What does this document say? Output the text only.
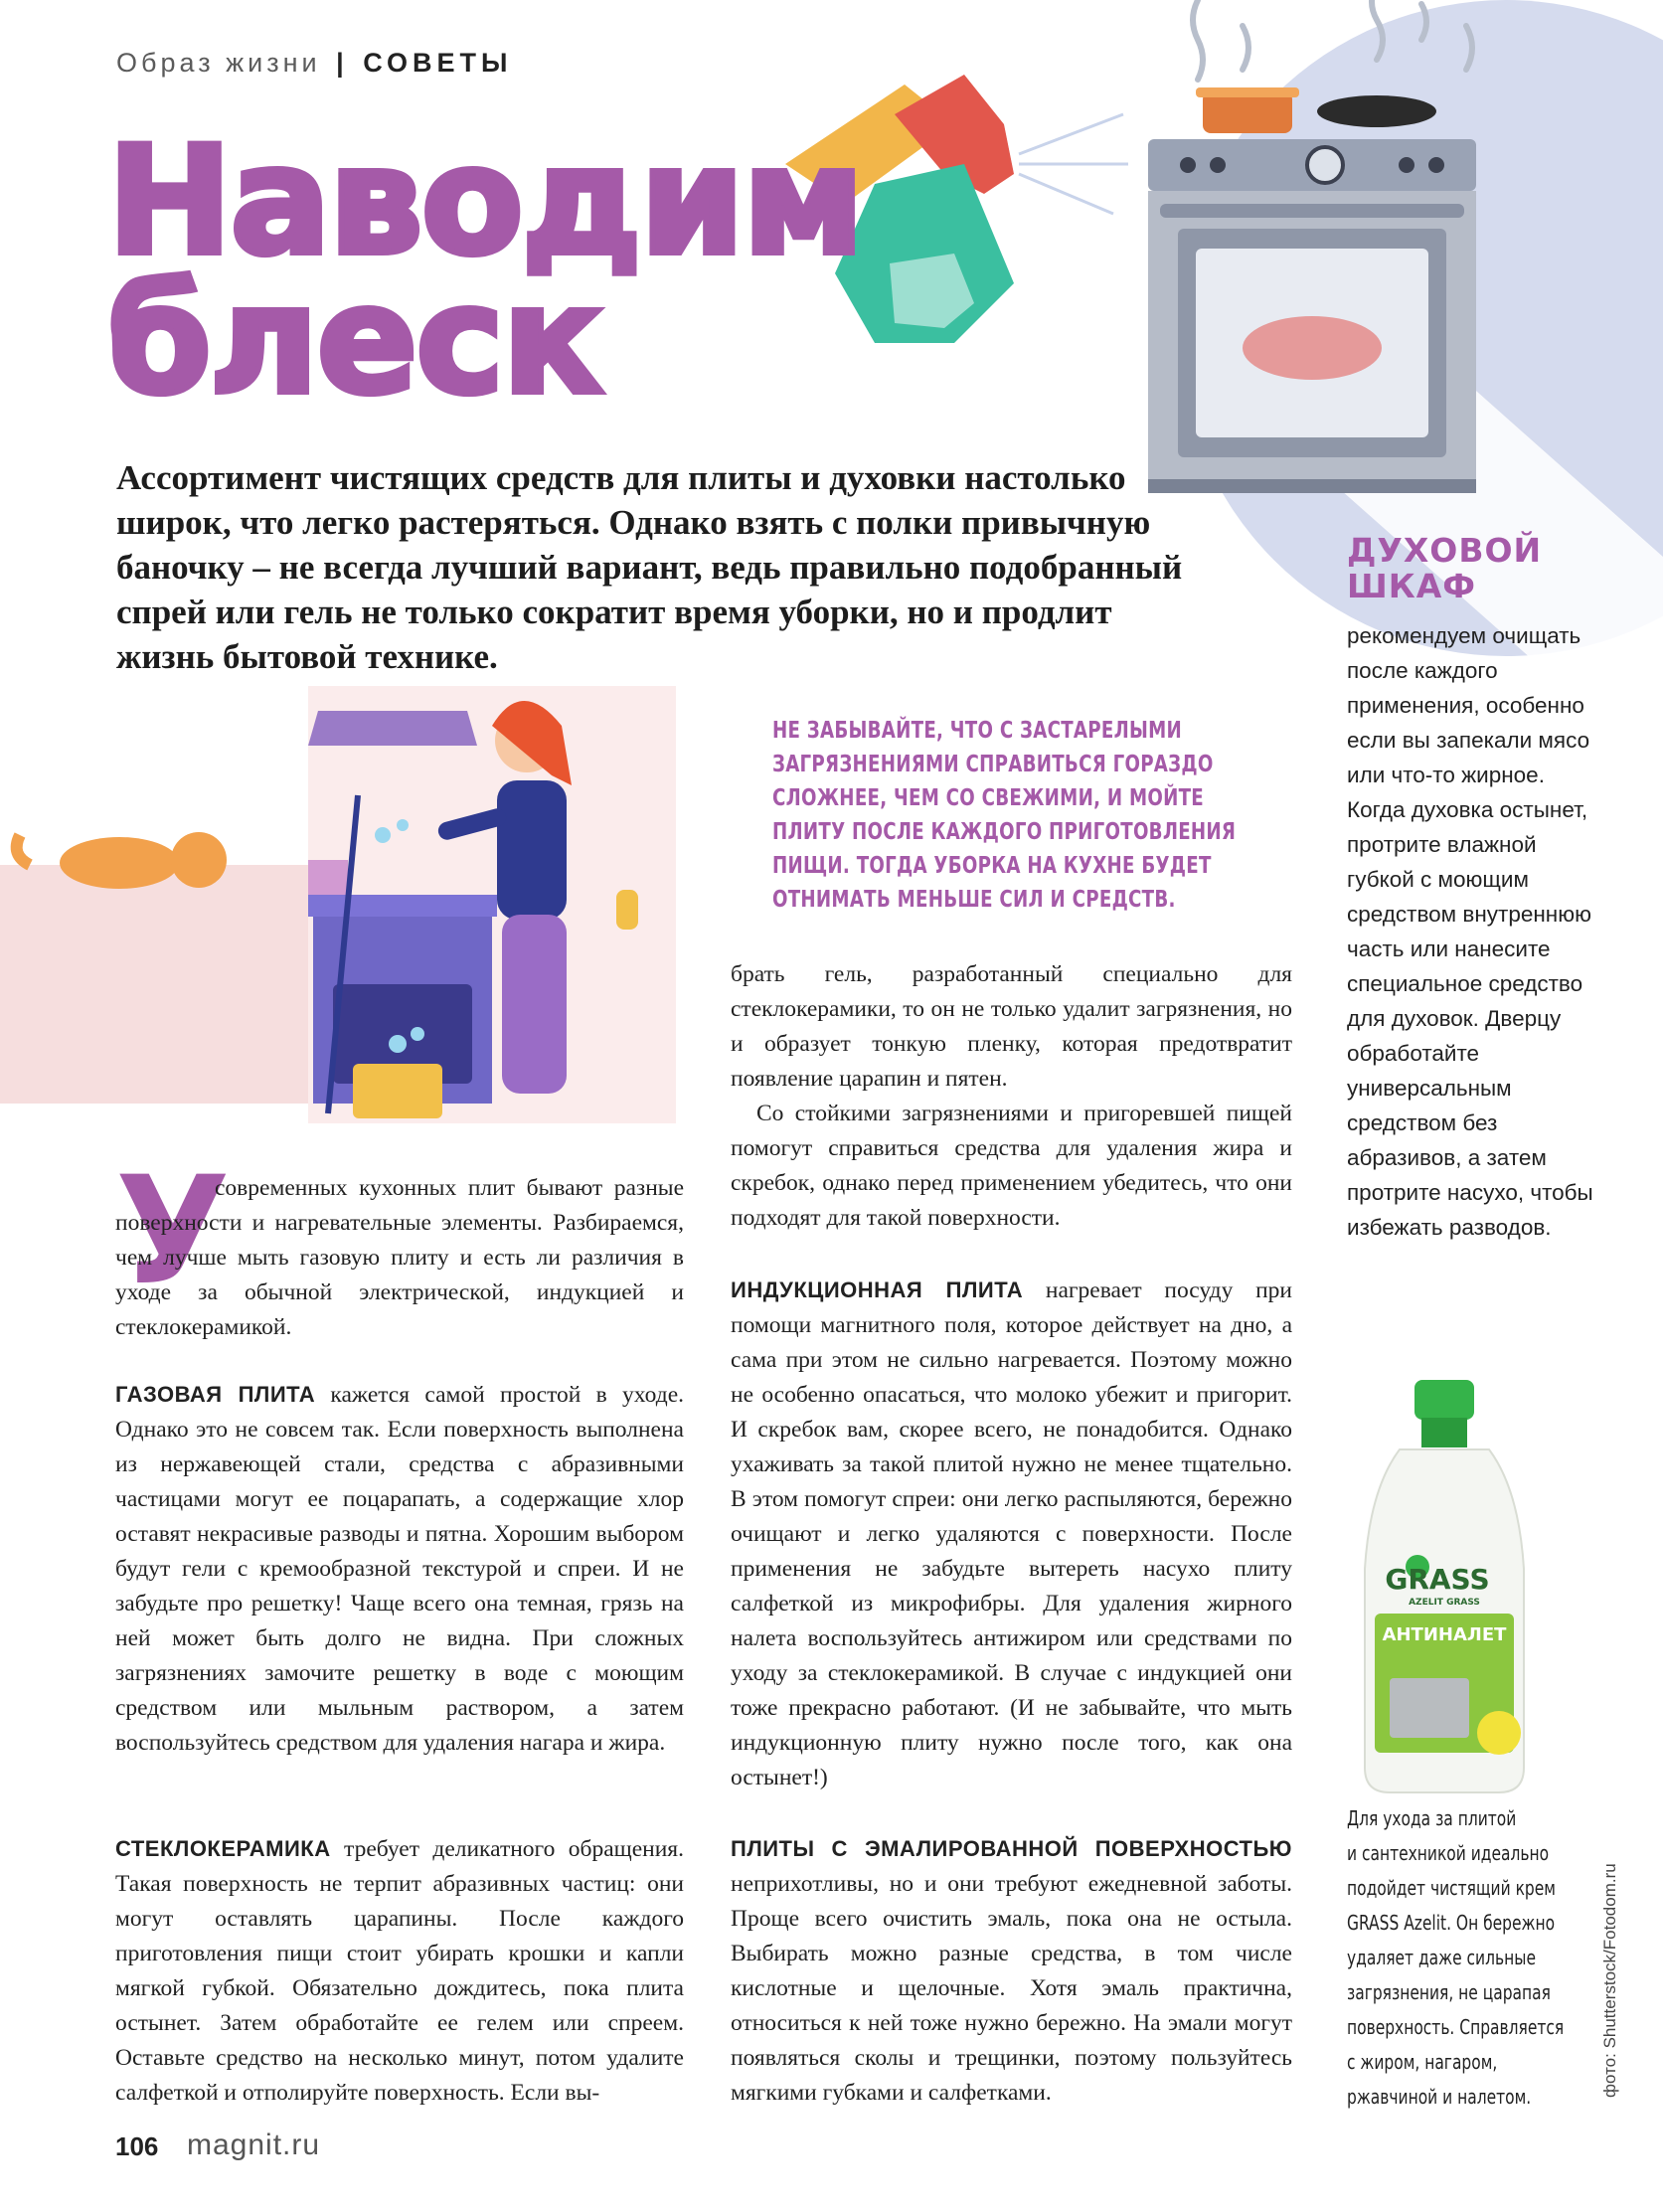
Образ жизни | СОВЕТЫ
Наводим
блеск
Ассортимент чистящих средств для плиты и духовки настолько широк, что легко растеряться. Однако взять с полки привычную баночку – не всегда лучший вариант, ведь правильно подобранный спрей или гель не только сократит время уборки, но и продлит жизнь бытовой технике.
ДУХОВОЙ
ШКАФ
рекомендуем очищать после каждого применения, особенно если вы запекали мясо или что-то жирное. Когда духовка остынет, протрите влажной губкой с моющим средством внутреннюю часть или нанесите специальное средство для духовок. Дверцу обработайте универсальным средством без абразивов, а затем протрите насухо, чтобы избежать разводов.
НЕ ЗАБЫВАЙТЕ, ЧТО С ЗАСТАРЕЛЫМИ ЗАГРЯЗНЕНИЯМИ СПРАВИТЬСЯ ГОРАЗДО СЛОЖНЕЕ, ЧЕМ СО СВЕЖИМИ, И МОЙТЕ ПЛИТУ ПОСЛЕ КАЖДОГО ПРИГОТОВЛЕНИЯ ПИЩИ. ТОГДА УБОРКА НА КУХНЕ БУДЕТ ОТНИМАТЬ МЕНЬШЕ СИЛ И СРЕДСТВ.
У
современных кухонных плит бывают разные поверхности и нагревательные элементы. Разбираемся, чем лучше мыть газовую плиту и есть ли различия в уходе за обычной электрической, индукцией и стеклокерамикой.
ГАЗОВАЯ ПЛИТА кажется самой простой в уходе. Однако это не совсем так. Если поверхность выполнена из нержавеющей стали, средства с абразивными частицами могут ее поцарапать, а содержащие хлор оставят некрасивые разводы и пятна. Хорошим выбором будут гели с кремообразной текстурой и спреи. И не забудьте про решетку! Чаще всего она темная, грязь на ней может быть долго не видна. При сложных загрязнениях замочите решетку в воде с моющим средством или мыльным раствором, а затем воспользуйтесь средством для удаления нагара и жира.
СТЕКЛОКЕРАМИКА требует деликатного обращения. Такая поверхность не терпит абразивных частиц: они могут оставлять царапины. После каждого приготовления пищи стоит убирать крошки и капли мягкой губкой. Обязательно дождитесь, пока плита остынет. Затем обработайте ее гелем или спреем. Оставьте средство на несколько минут, потом удалите салфеткой и отполируйте поверхность. Если вы-
брать гель, разработанный специально для стеклокерамики, то он не только удалит загрязнения, но и образует тонкую пленку, которая предотвратит появление царапин и пятен.
Со стойкими загрязнениями и пригоревшей пищей помогут справиться средства для удаления жира и скребок, однако перед применением убедитесь, что они подходят для такой поверхности.
ИНДУКЦИОННАЯ ПЛИТА нагревает посуду при помощи магнитного поля, которое действует на дно, а сама при этом не сильно нагревается. Поэтому можно не особенно опасаться, что молоко убежит и пригорит. И скребок вам, скорее всего, не понадобится. Однако ухаживать за такой плитой нужно не менее тщательно. В этом помогут спреи: они легко распыляются, бережно очищают и легко удаляются с поверхности. После применения не забудьте вытереть насухо плиту салфеткой из микрофибры. Для удаления жирного налета воспользуйтесь антижиром или средствами по уходу за стеклокерамикой. В случае с индукцией они тоже прекрасно работают. (И не забывайте, что мыть индукционную плиту нужно после того, как она остынет!)
ПЛИТЫ С ЭМАЛИРОВАННОЙ ПОВЕРХНОСТЬЮ неприхотливы, но и они требуют ежедневной заботы. Проще всего очистить эмаль, пока она не остыла. Выбирать можно разные средства, в том числе кислотные и щелочные. Хотя эмаль практична, относиться к ней тоже нужно бережно. На эмали могут появляться сколы и трещинки, поэтому пользуйтесь мягкими губками и салфетками.
GRASS
AZELIT GRASS
АНТИНАЛЕТ
Для ухода за плитой
и сантехникой идеально
подойдет чистящий крем
GRASS Azelit. Он бережно
удаляет даже сильные
загрязнения, не царапая
поверхность. Справляется
с жиром, нагаром,
ржавчиной и налетом.	фото: Shutterstock/Fotodom.ru
106 magnit.ru
